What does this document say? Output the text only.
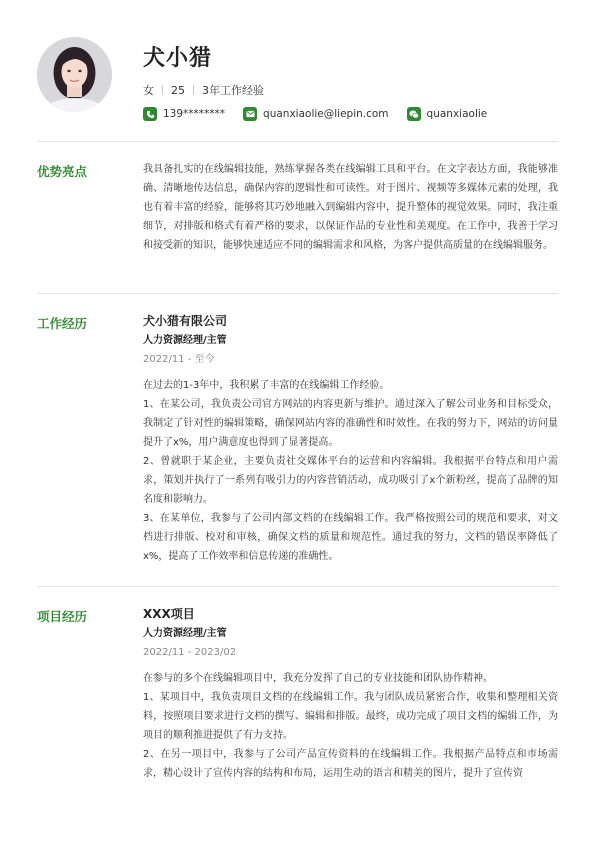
犬小猎
女 25 3年工作经验
139********	quanxiaolie@liepin.com	quanxiaolie
优势亮点	我具备扎实的在线编辑技能，熟练掌握各类在线编辑工具和平台。在文字表达方面，我能够准确、清晰地传达信息，确保内容的逻辑性和可读性。对于图片、视频等多媒体元素的处理，我也有着丰富的经验，能够将其巧妙地融入到编辑内容中，提升整体的视觉效果。同时，我注重细节，对排版和格式有着严格的要求，以保证作品的专业性和美观度。在工作中，我善于学习和接受新的知识，能够快速适应不同的编辑需求和风格，为客户提供高质量的在线编辑服务。

工作经历	犬小猎有限公司
人力资源经理/主管
2022/11 - 至今

在过去的1-3年中，我积累了丰富的在线编辑工作经验。

1、在某公司，我负责公司官方网站的内容更新与维护。通过深入了解公司业务和目标受众，我制定了针对性的编辑策略，确保网站内容的准确性和时效性。在我的努力下，网站的访问量提升了x%，用户满意度也得到了显著提高。

2、曾就职于某企业，主要负责社交媒体平台的运营和内容编辑。我根据平台特点和用户需求，策划并执行了一系列有吸引力的内容营销活动，成功吸引了x个新粉丝，提高了品牌的知名度和影响力。

3、在某单位，我参与了公司内部文档的在线编辑工作。我严格按照公司的规范和要求，对文档进行排版、校对和审核，确保文档的质量和规范性。通过我的努力，文档的错误率降低了x%，提高了工作效率和信息传递的准确性。

项目经历	XXX项目
人力资源经理/主管
2022/11 - 2023/02

在参与的多个在线编辑项目中，我充分发挥了自己的专业技能和团队协作精神。

1、某项目中，我负责项目文档的在线编辑工作。我与团队成员紧密合作，收集和整理相关资料，按照项目要求进行文档的撰写、编辑和排版。最终，成功完成了项目文档的编辑工作，为项目的顺利推进提供了有力支持。

2、在另一项目中，我参与了公司产品宣传资料的在线编辑工作。我根据产品特点和市场需求，精心设计了宣传内容的结构和布局，运用生动的语言和精美的图片，提升了宣传资
